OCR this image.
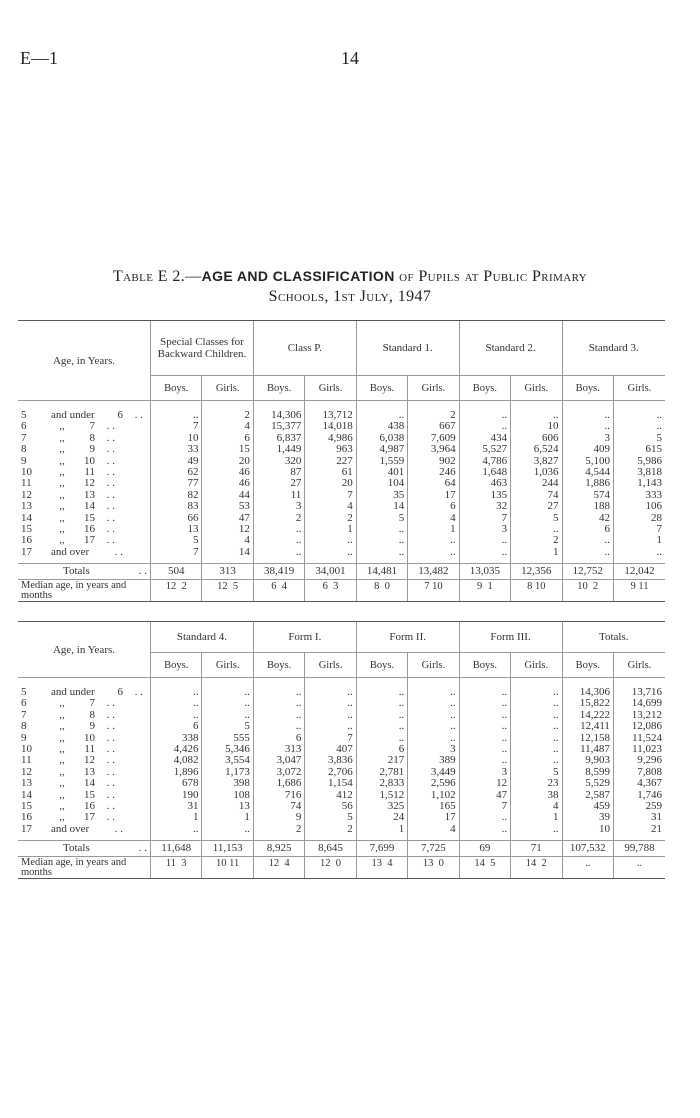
E—1	14
Table E 2.—AGE AND CLASSIFICATION of Pupils at Public Primary
Schools, 1st July, 1947
Age, in Years.	Special Classes for Backward Children.		Class P.		Standard 1.		Standard 2.		Standard 3.	
	Boys.	Girls.	Boys.	Girls.	Boys.	Girls.	Boys.	Girls.	Boys.	Girls.

5 and under 6 . .	..	2	14,306	13,712	..	2	..	..	..	..
6 ,, 7 . .	7	4	15,377	14,018	438	667	..	10	..	..
7 ,, 8 . .	10	6	6,837	4,986	6,038	7,609	434	606	3	5
8 ,, 9 . .	33	15	1,449	963	4,987	3,964	5,527	6,524	409	615
9 ,, 10 . .	49	20	320	227	1,559	902	4,786	3,827	5,100	5,986
10 ,, 11 . .	62	46	87	61	401	246	1,648	1,036	4,544	3,818
11 ,, 12 . .	77	46	27	20	104	64	463	244	1,886	1,143
12 ,, 13 . .	82	44	11	7	35	17	135	74	574	333
13 ,, 14 . .	83	53	3	4	14	6	32	27	188	106
14 ,, 15 . .	66	47	2	2	5	4	7	5	42	28
15 ,, 16 . .	13	12	..	1	..	1	3	..	6	7
16 ,, 17 . .	5	4	..	..	..	..	..	2	..	1
17 and over . .	7	14	..	..	..	..	..	1	..	..

Totals . .	504	313	38,419	34,001	14,481	13,482	13,035	12,356	12,752	12,042
Median age, in years and months	12  2	12  5	6  4	6  3	8  0	7 10	9  1	8 10	10  2	9 11
Age, in Years.	Standard 4.		Form I.		Form II.		Form III.		Totals.	
	Boys.	Girls.	Boys.	Girls.	Boys.	Girls.	Boys.	Girls.	Boys.	Girls.

5 and under 6 . .	..	..	..	..	..	..	..	..	14,306	13,716
6 ,, 7 . .	..	..	..	..	..	..	..	..	15,822	14,699
7 ,, 8 . .	..	..	..	..	..	..	..	..	14,222	13,212
8 ,, 9 . .	6	5	..	..	..	..	..	..	12,411	12,086
9 ,, 10 . .	338	555	6	7	..	..	..	..	12,158	11,524
10 ,, 11 . .	4,426	5,346	313	407	6	3	..	..	11,487	11,023
11 ,, 12 . .	4,082	3,554	3,047	3,836	217	389	..	..	9,903	9,296
12 ,, 13 . .	1,896	1,173	3,072	2,706	2,781	3,449	3	5	8,599	7,808
13 ,, 14 . .	678	398	1,686	1,154	2,833	2,596	12	23	5,529	4,367
14 ,, 15 . .	190	108	716	412	1,512	1,102	47	38	2,587	1,746
15 ,, 16 . .	31	13	74	56	325	165	7	4	459	259
16 ,, 17 . .	1	1	9	5	24	17	..	1	39	31
17 and over . .	..	..	2	2	1	4	..	..	10	21

Totals . .	11,648	11,153	8,925	8,645	7,699	7,725	69	71	107,532	99,788
Median age, in years and months	11  3	10 11	12  4	12  0	13  4	13  0	14  5	14  2	..	..
